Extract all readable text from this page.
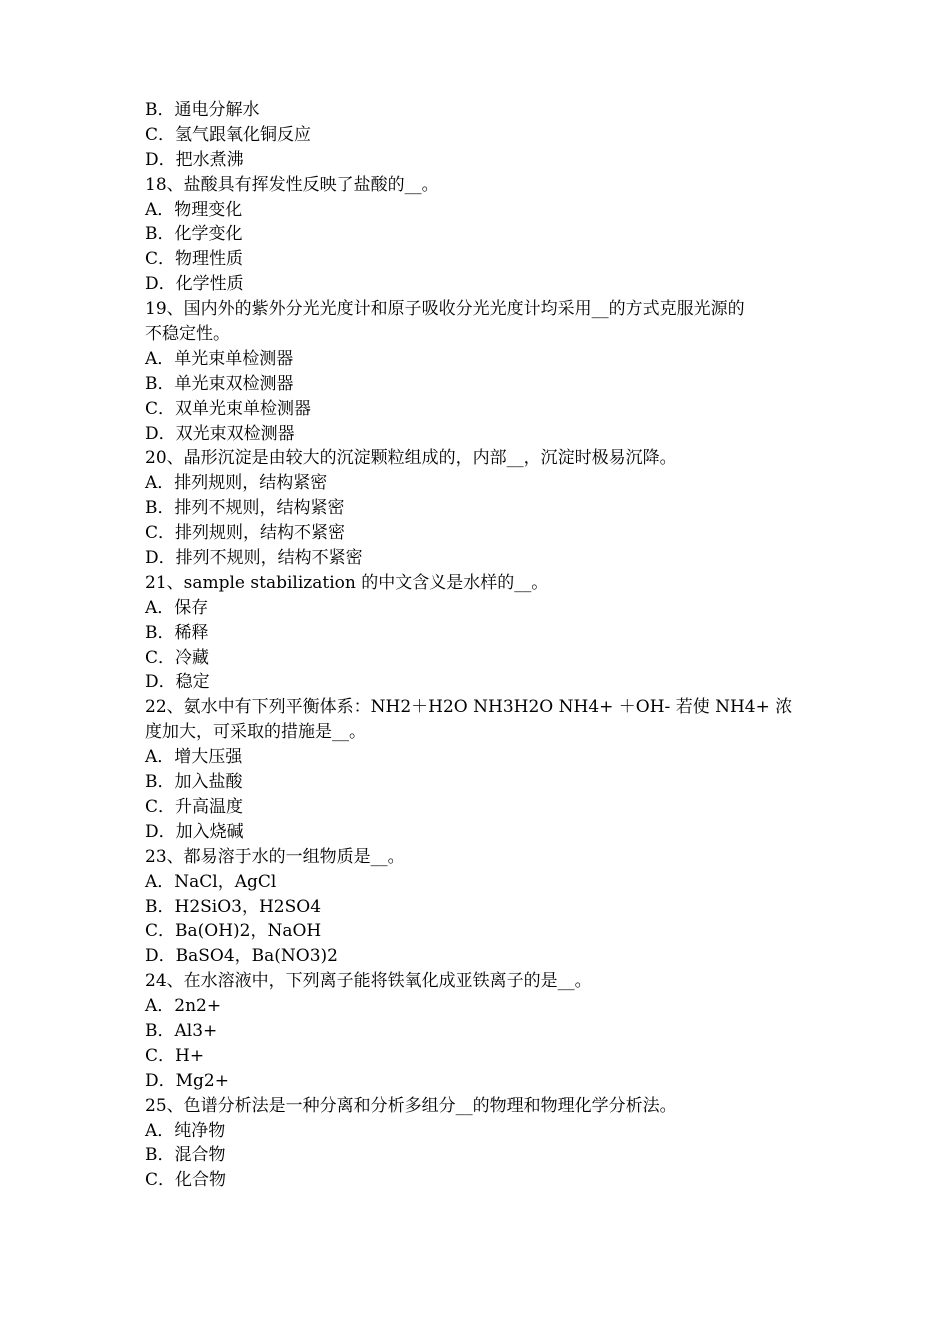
B．通电分解水
C．氢气跟氧化铜反应
D．把水煮沸
18、盐酸具有挥发性反映了盐酸的__。
A．物理变化
B．化学变化
C．物理性质
D．化学性质
19、国内外的紫外分光光度计和原子吸收分光光度计均采用__的方式克服光源的
不稳定性。
A．单光束单检测器
B．单光束双检测器
C．双单光束单检测器
D．双光束双检测器
20、晶形沉淀是由较大的沉淀颗粒组成的，内部__，沉淀时极易沉降。
A．排列规则，结构紧密
B．排列不规则，结构紧密
C．排列规则，结构不紧密
D．排列不规则，结构不紧密
21、sample stabilization 的中文含义是水样的__。
A．保存
B．稀释
C．冷藏
D．稳定
22、氨水中有下列平衡体系：NH2＋H2O NH3H2O NH4+ ＋OH- 若使 NH4+ 浓
度加大，可采取的措施是__。
A．增大压强
B．加入盐酸
C．升高温度
D．加入烧碱
23、都易溶于水的一组物质是__。
A．NaCl，AgCl
B．H2SiO3，H2SO4
C．Ba(OH)2，NaOH
D．BaSO4，Ba(NO3)2
24、在水溶液中，下列离子能将铁氧化成亚铁离子的是__。
A．2n2+
B．Al3+
C．H+
D．Mg2+
25、色谱分析法是一种分离和分析多组分__的物理和物理化学分析法。
A．纯净物
B．混合物
C．化合物
